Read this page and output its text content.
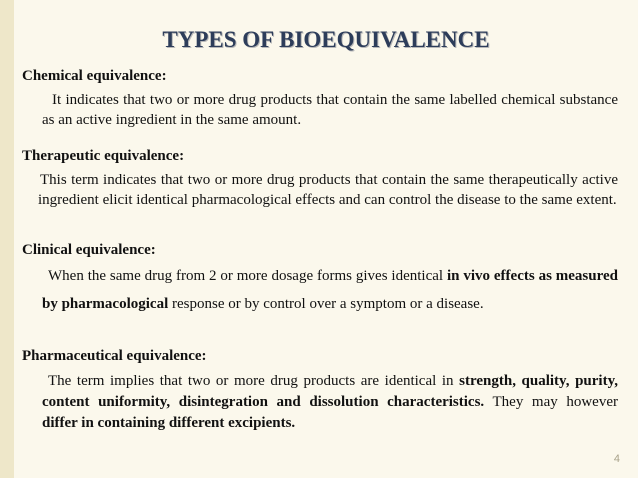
TYPES OF BIOEQUIVALENCE

Chemical equivalence:

It indicates that two or more drug products that contain the same labelled chemical substance as an active ingredient in the same amount.

Therapeutic equivalence:

This term indicates that two or more drug products that contain the same therapeutically active ingredient elicit identical pharmacological effects and can control the disease to the same extent.

Clinical equivalence:

When the same drug from 2 or more dosage forms gives identical in vivo effects as measured by pharmacological response or by control over a symptom or a disease.

Pharmaceutical equivalence:

The term implies that two or more drug products are identical in strength, quality, purity, content uniformity, disintegration and dissolution characteristics. They may however differ in containing different excipients.

4
